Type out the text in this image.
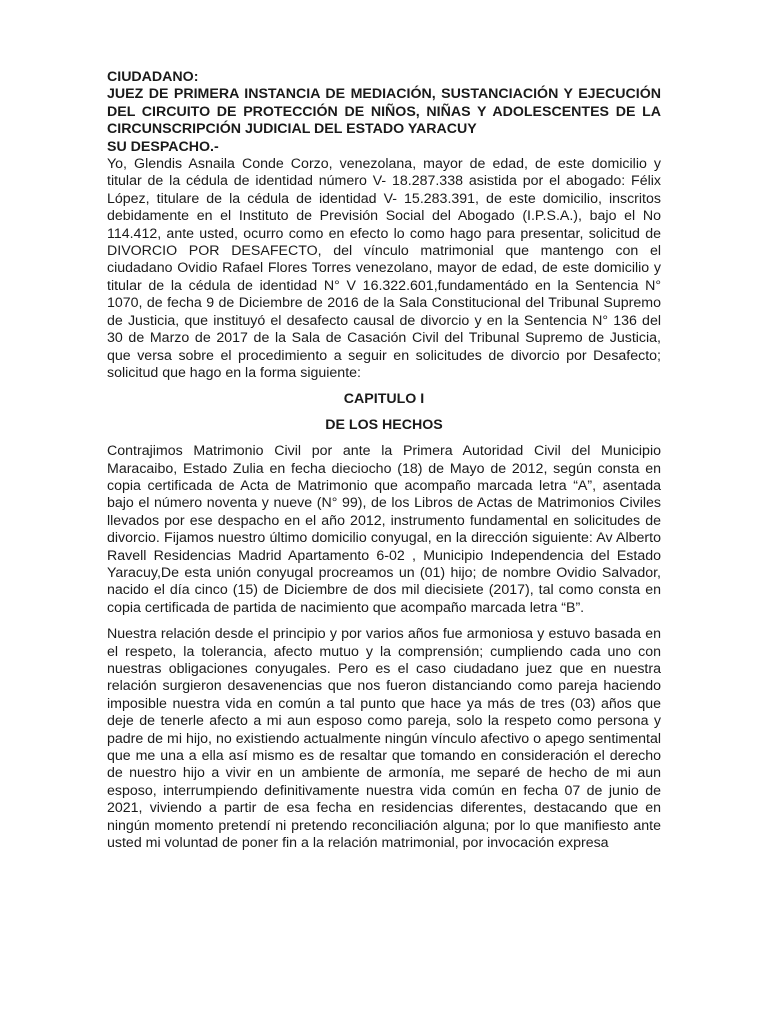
CIUDADANO:

JUEZ DE PRIMERA INSTANCIA DE MEDIACIÓN, SUSTANCIACIÓN Y EJECUCIÓN DEL CIRCUITO DE PROTECCIÓN DE NIÑOS, NIÑAS Y ADOLESCENTES DE LA CIRCUNSCRIPCIÓN JUDICIAL DEL ESTADO YARACUY

SU DESPACHO.-

Yo, Glendis Asnaila Conde Corzo, venezolana, mayor de edad, de este domicilio y titular de la cédula de identidad número V- 18.287.338 asistida por el abogado: Félix López, titulare de la cédula de identidad V- 15.283.391, de este domicilio, inscritos debidamente en el Instituto de Previsión Social del Abogado (I.P.S.A.), bajo el No 114.412, ante usted, ocurro como en efecto lo como hago para presentar, solicitud de DIVORCIO POR DESAFECTO, del vínculo matrimonial que mantengo con el ciudadano Ovidio Rafael Flores Torres venezolano, mayor de edad, de este domicilio y titular de la cédula de identidad N° V 16.322.601,fundamentádo en la Sentencia N° 1070, de fecha 9 de Diciembre de 2016 de la Sala Constitucional del Tribunal Supremo de Justicia, que instituyó el desafecto causal de divorcio y en la Sentencia N° 136 del 30 de Marzo de 2017 de la Sala de Casación Civil del Tribunal Supremo de Justicia, que versa sobre el procedimiento a seguir en solicitudes de divorcio por Desafecto; solicitud que hago en la forma siguiente:

CAPITULO I

DE LOS HECHOS

Contrajimos Matrimonio Civil por ante la Primera Autoridad Civil del Municipio Maracaibo, Estado Zulia en fecha dieciocho (18) de Mayo de 2012, según consta en copia certificada de Acta de Matrimonio que acompaño marcada letra “A”, asentada bajo el número noventa y nueve (N° 99), de los Libros de Actas de Matrimonios Civiles llevados por ese despacho en el año 2012, instrumento fundamental en solicitudes de divorcio. Fijamos nuestro último domicilio conyugal, en la dirección siguiente: Av Alberto Ravell Residencias Madrid Apartamento 6-02 , Municipio Independencia del Estado Yaracuy,De esta unión conyugal procreamos un (01) hijo; de nombre Ovidio Salvador, nacido el día cinco (15) de Diciembre de dos mil diecisiete (2017), tal como consta en copia certificada de partida de nacimiento que acompaño marcada letra “B”.

Nuestra relación desde el principio y por varios años fue armoniosa y estuvo basada en el respeto, la tolerancia, afecto mutuo y la comprensión; cumpliendo cada uno con nuestras obligaciones conyugales. Pero es el caso ciudadano juez que en nuestra relación surgieron desavenencias que nos fueron distanciando como pareja haciendo imposible nuestra vida en común a tal punto que hace ya más de tres (03) años que deje de tenerle afecto a mi aun esposo como pareja, solo la respeto como persona y padre de mi hijo, no existiendo actualmente ningún vínculo afectivo o apego sentimental que me una a ella así mismo es de resaltar que tomando en consideración el derecho de nuestro hijo a vivir en un ambiente de armonía, me separé de hecho de mi aun esposo, interrumpiendo definitivamente nuestra vida común en fecha 07 de junio de 2021, viviendo a partir de esa fecha en residencias diferentes, destacando que en ningún momento pretendí ni pretendo reconciliación alguna; por lo que manifiesto ante usted mi voluntad de poner fin a la relación matrimonial, por invocación expresa
